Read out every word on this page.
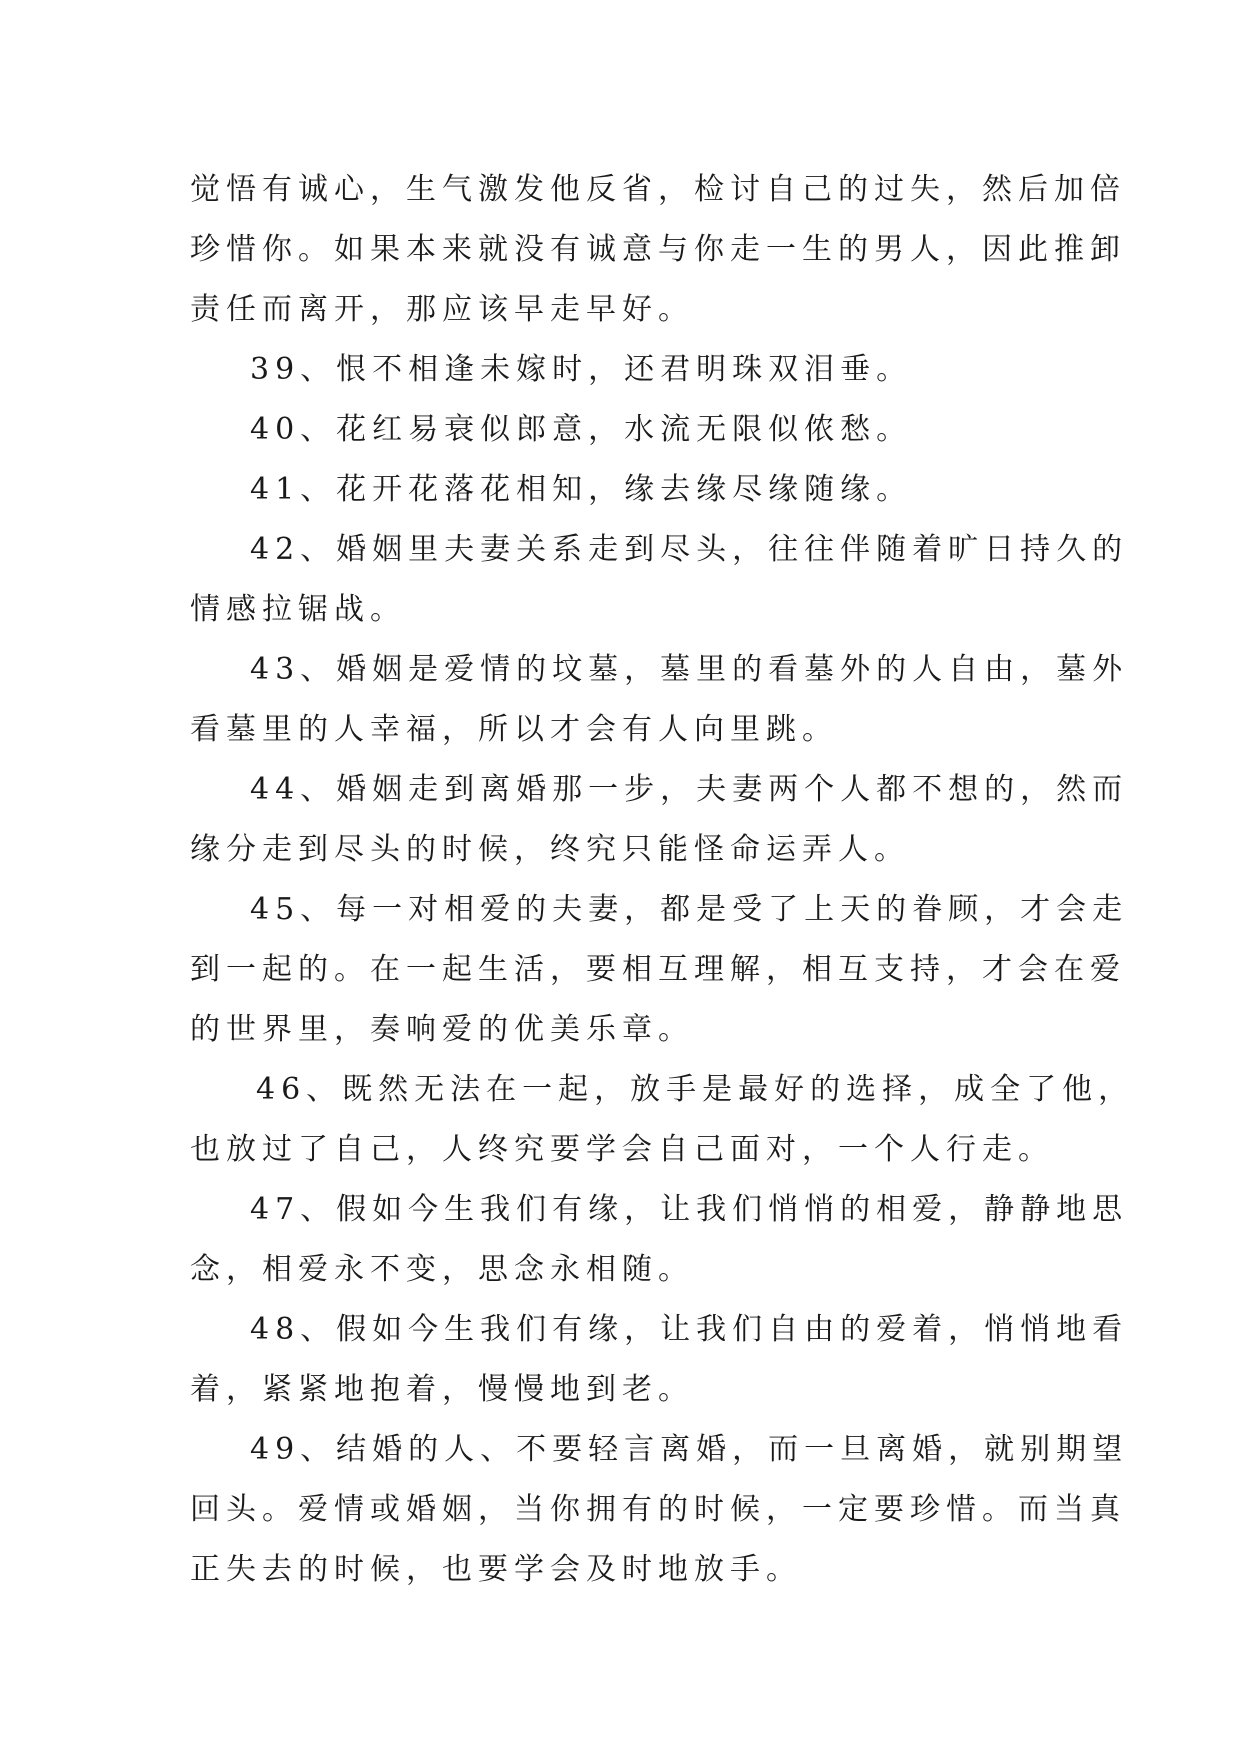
觉悟有诚心，生气激发他反省，检讨自己的过失，然后加倍
珍惜你。如果本来就没有诚意与你走一生的男人，因此推卸
责任而离开，那应该早走早好。
39、恨不相逢未嫁时，还君明珠双泪垂。
40、花红易衰似郎意，水流无限似侬愁。
41、花开花落花相知，缘去缘尽缘随缘。
42、婚姻里夫妻关系走到尽头，往往伴随着旷日持久的
情感拉锯战。
43、婚姻是爱情的坟墓，墓里的看墓外的人自由，墓外
看墓里的人幸福，所以才会有人向里跳。
44、婚姻走到离婚那一步，夫妻两个人都不想的，然而
缘分走到尽头的时候，终究只能怪命运弄人。
45、每一对相爱的夫妻，都是受了上天的眷顾，才会走
到一起的。在一起生活，要相互理解，相互支持，才会在爱
的世界里，奏响爱的优美乐章。
46、既然无法在一起，放手是最好的选择，成全了他，
也放过了自己，人终究要学会自己面对，一个人行走。
47、假如今生我们有缘，让我们悄悄的相爱，静静地思
念，相爱永不变，思念永相随。
48、假如今生我们有缘，让我们自由的爱着，悄悄地看
着，紧紧地抱着，慢慢地到老。
49、结婚的人、不要轻言离婚，而一旦离婚，就别期望
回头。爱情或婚姻，当你拥有的时候，一定要珍惜。而当真
正失去的时候，也要学会及时地放手。
